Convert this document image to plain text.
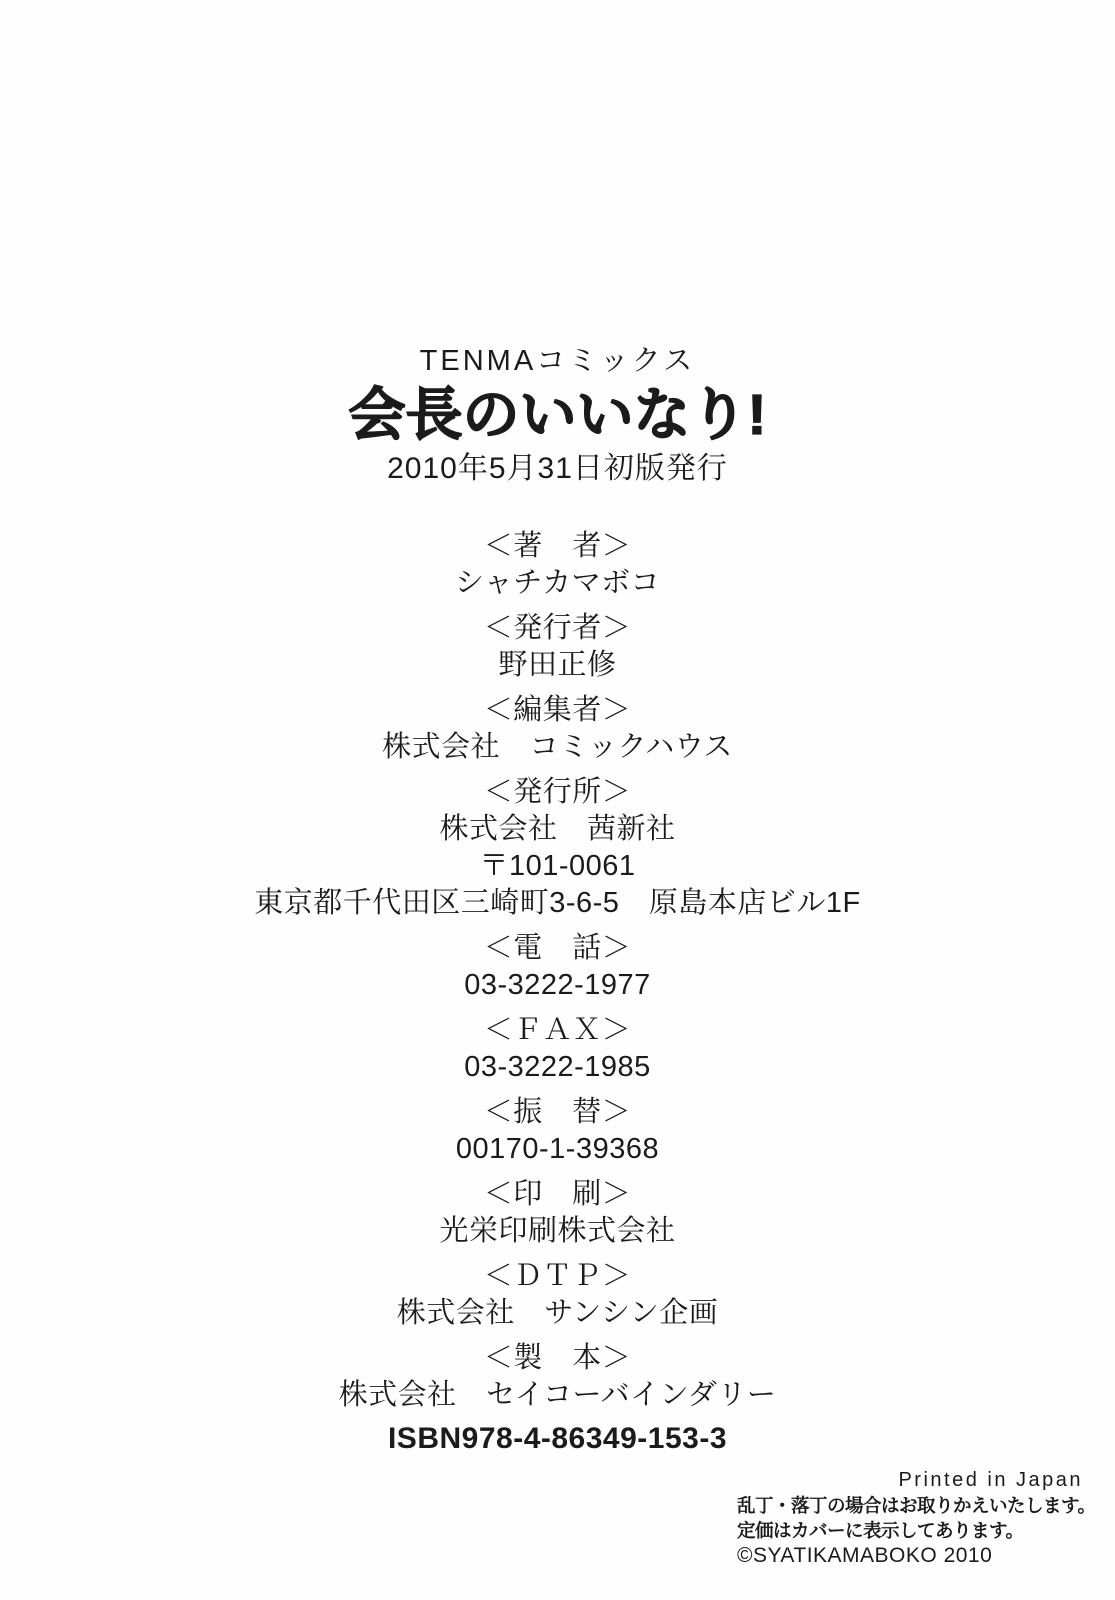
TENMAコミックス
会長のいいなり!
2010年5月31日初版発行
＜著　者＞
シャチカマボコ
＜発行者＞
野田正修
＜編集者＞
株式会社　コミックハウス
＜発行所＞
株式会社　茜新社
〒101-0061
東京都千代田区三崎町3-6-5　原島本店ビル1F
＜電　話＞
03-3222-1977
＜ＦＡＸ＞
03-3222-1985
＜振　替＞
00170-1-39368
＜印　刷＞
光栄印刷株式会社
＜ＤＴＰ＞
株式会社　サンシン企画
＜製　本＞
株式会社　セイコーバインダリー
ISBN978-4-86349-153-3
Printed in Japan
乱丁・落丁の場合はお取りかえいたします。
定価はカバーに表示してあります。
©SYATIKAMABOKO 2010
